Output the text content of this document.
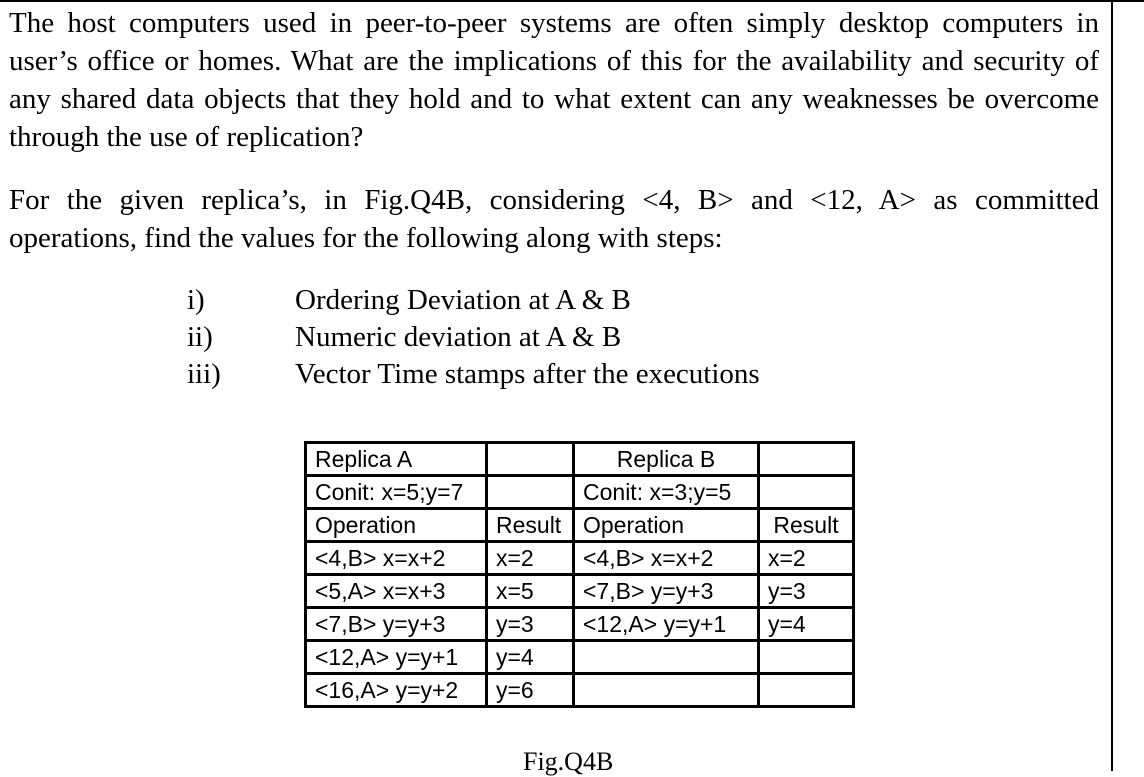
The host computers used in peer-to-peer systems are often simply desktop computers in user’s office or homes. What are the implications of this for the availability and security of any shared data objects that they hold and to what extent can any weaknesses be overcome through the use of replication?

For the given replica’s, in Fig.Q4B, considering <4, B> and <12, A> as committed operations, find the values for the following along with steps:

i)	Ordering Deviation at A & B
ii)	Numeric deviation at A & B
iii)	Vector Time stamps after the executions
Replica A		Replica B	
Conit: x=5;y=7		Conit: x=3;y=5	
Operation	Result	Operation	Result
<4,B> x=x+2	x=2	<4,B> x=x+2	x=2
<5,A> x=x+3	x=5	<7,B> y=y+3	y=3
<7,B> y=y+3	y=3	<12,A> y=y+1	y=4
<12,A> y=y+1	y=4		
<16,A> y=y+2	y=6		

Fig.Q4B
